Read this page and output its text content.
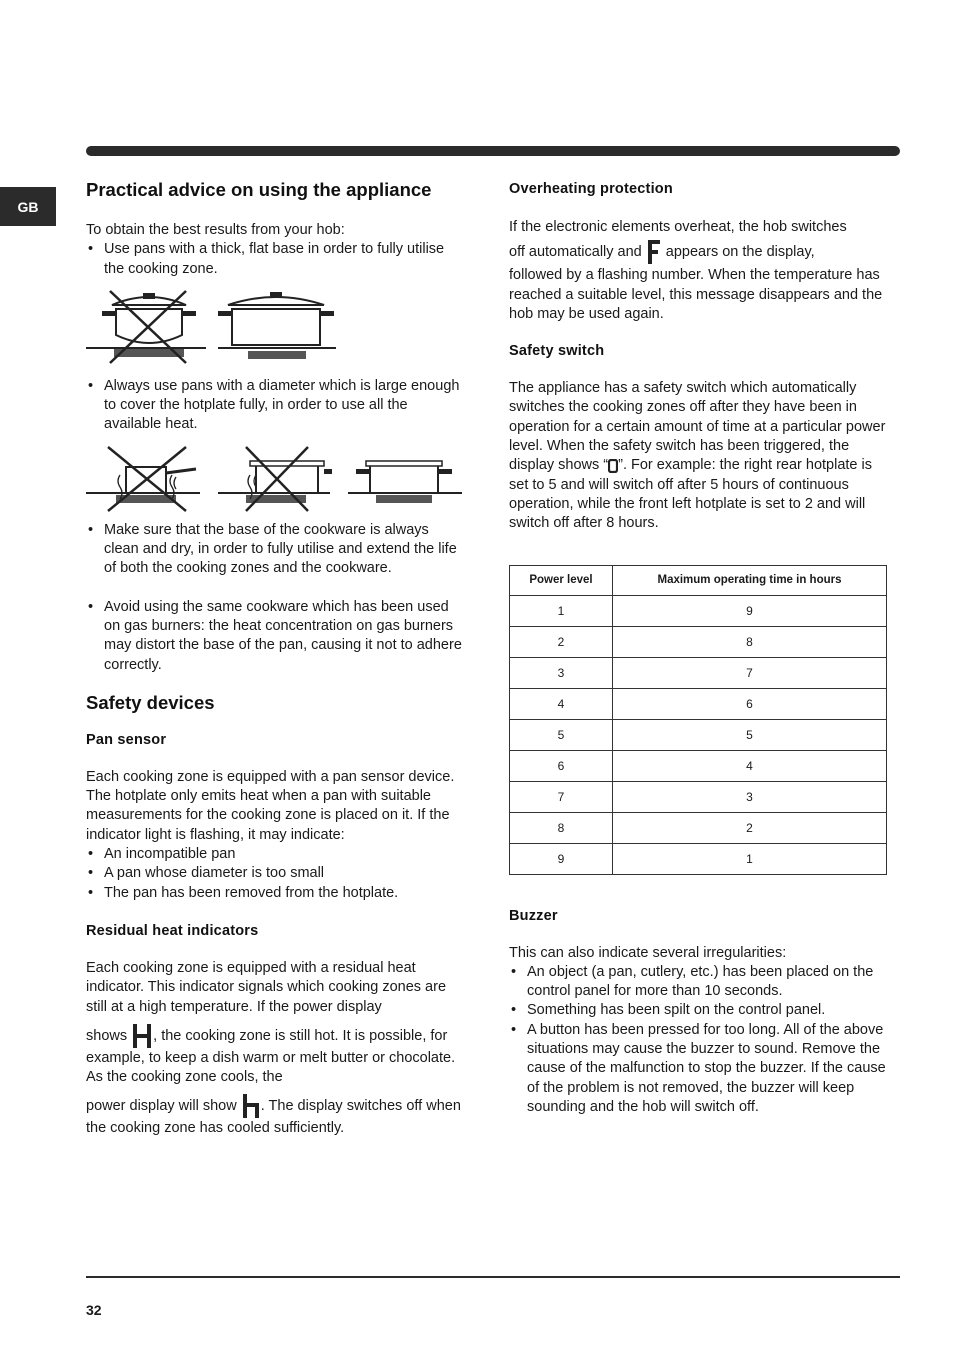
GB
Practical advice on using the appliance

To obtain the best results from your hob:

• Use pans with a thick, flat base in order to fully utilise the cooking zone.
• Always use pans with a diameter which is large enough to cover the hotplate fully, in order to use all the available heat.
• Make sure that the base of the cookware is always clean and dry, in order to fully utilise and extend the life of both the cooking zones and the cookware.
• Avoid using the same cookware which has been used on gas burners: the heat concentration on gas burners may distort the base of the pan, causing it not to adhere correctly.
Safety devices
Pan sensor

Each cooking zone is equipped with a pan sensor device. The hotplate only emits heat when a pan with suitable measurements for the cooking zone is placed on it. If the indicator light is flashing, it may indicate:

• An incompatible pan
• A pan whose diameter is too small
• The pan has been removed from the hotplate.
Residual heat indicators

Each cooking zone is equipped with a residual heat indicator. This indicator signals which cooking zones are still at a high temperature. If the power display

shows , the cooking zone is still hot. It is possible, for example, to keep a dish warm or melt butter or chocolate. As the cooking zone cools, the

power display will show . The display switches off when the cooking zone has cooled sufficiently.

Overheating protection

If the electronic elements overheat, the hob switches

off automatically and appears on the display,

followed by a flashing number. When the temperature has reached a suitable level, this message disappears and the hob may be used again.

Safety switch

The appliance has a safety switch which automatically switches the cooking zones off after they have been in operation for a certain amount of time at a particular power level. When the safety switch has been triggered, the display shows “ ”. For example: the right rear hotplate is set to 5 and will switch off after 5 hours of continuous operation, while the front left hotplate is set to 2 and will switch off after 8 hours.

Power level	Maximum operating time in hours
1	9
2	8
3	7
4	6
5	5
6	4
7	3
8	2
9	1
Buzzer

This can also indicate several irregularities:

• An object (a pan, cutlery, etc.) has been placed on the control panel for more than 10 seconds.
• Something has been spilt on the control panel.
• A button has been pressed for too long. All of the above situations may cause the buzzer to sound. Remove the cause of the malfunction to stop the buzzer. If the cause of the problem is not removed, the buzzer will keep sounding and the hob will switch off.
32
